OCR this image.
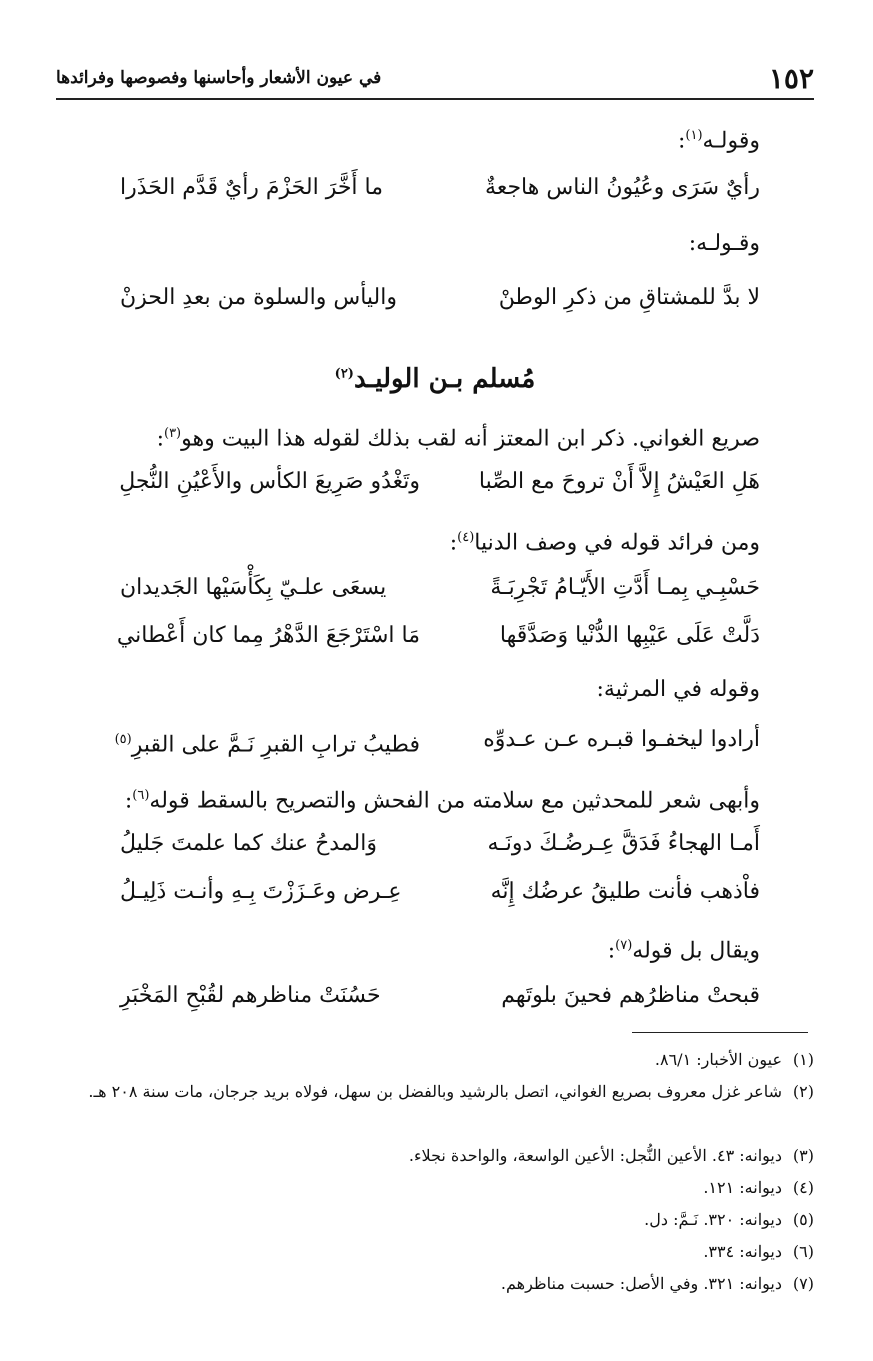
١٥٢
في عيون الأشعار وأحاسنها وفصوصها وفرائدها
وقولـه$^{(١)}$:
رأيٌ سَرَى وعُيُونُ الناس هاجعةٌ
ما أَخَّرَ الحَزْمَ رأيٌ قَدَّم الحَذَرا
وقـولـه:
لا بدَّ للمشتاقِ من ذكرِ الوطنْ
واليأس والسلوة من بعدِ الحزنْ
مُسلم بـن الوليـد$^{(٢)}$
صريع الغواني. ذكر ابن المعتز أنه لقب بذلك لقوله هذا البيت وهو$^{(٣)}$:
هَلِ العَيْشُ إِلاَّ أَنْ تروحَ مع الصِّبا
وتَغْدُو صَرِيعَ الكأس والأَعْيُنِ النُّجلِ
ومن فرائد قوله في وصف الدنيا$^{(٤)}$:
حَسْبِـي بِمـا أَدَّتِ الأَيّـامُ تَجْرِبَـةً
يسعَى علـيّ بِكَأْسَيْها الجَديدان
دَلَّتْ عَلَى عَيْبِها الدُّنْيا وَصَدَّقَها
مَا اسْتَرْجَعَ الدَّهْرُ مِما كان أَعْطاني
وقوله في المرثية:
أرادوا ليخفـوا قبـره عـن عـدوِّه
فطيبُ ترابِ القبرِ نَـمَّ على القبرِ$^{(٥)}$
وأبهى شعر للمحدثين مع سلامته من الفحش والتصريح بالسقط قوله$^{(٦)}$:
أَمـا الهجاءُ فَدَقَّ عِـرضُـكَ دونَـه
وَالمدحُ عنك كما علمتَ جَليلُ
فاْذهب فأنت طليقُ عرضُك إِنَّه
عِـرض وعَـزَزْتَ بِـهِ وأنـت ذَلِيـلُ
ويقال بل قوله$^{(٧)}$:
قبحتْ مناظرُهم فحينَ بلوتَهم
حَسُنَتْ مناظرهم لقُبْحِ المَخْبَرِ
(١)
عيون الأخبار: ٨٦/١.
(٢)
شاعر غزل معروف بصريع الغواني، اتصل بالرشيد وبالفضل بن سهل، فولاه بريد جرجان، مات سنة ٢٠٨ هـ.
(٣)
ديوانه: ٤٣. الأعين النُّجل: الأعين الواسعة، والواحدة نجلاء.
(٤)
ديوانه: ١٢١.
(٥)
ديوانه: ٣٢٠. نَـمَّ: دل.
(٦)
ديوانه: ٣٣٤.
(٧)
ديوانه: ٣٢١. وفي الأصل: حسبت مناظرهم.
